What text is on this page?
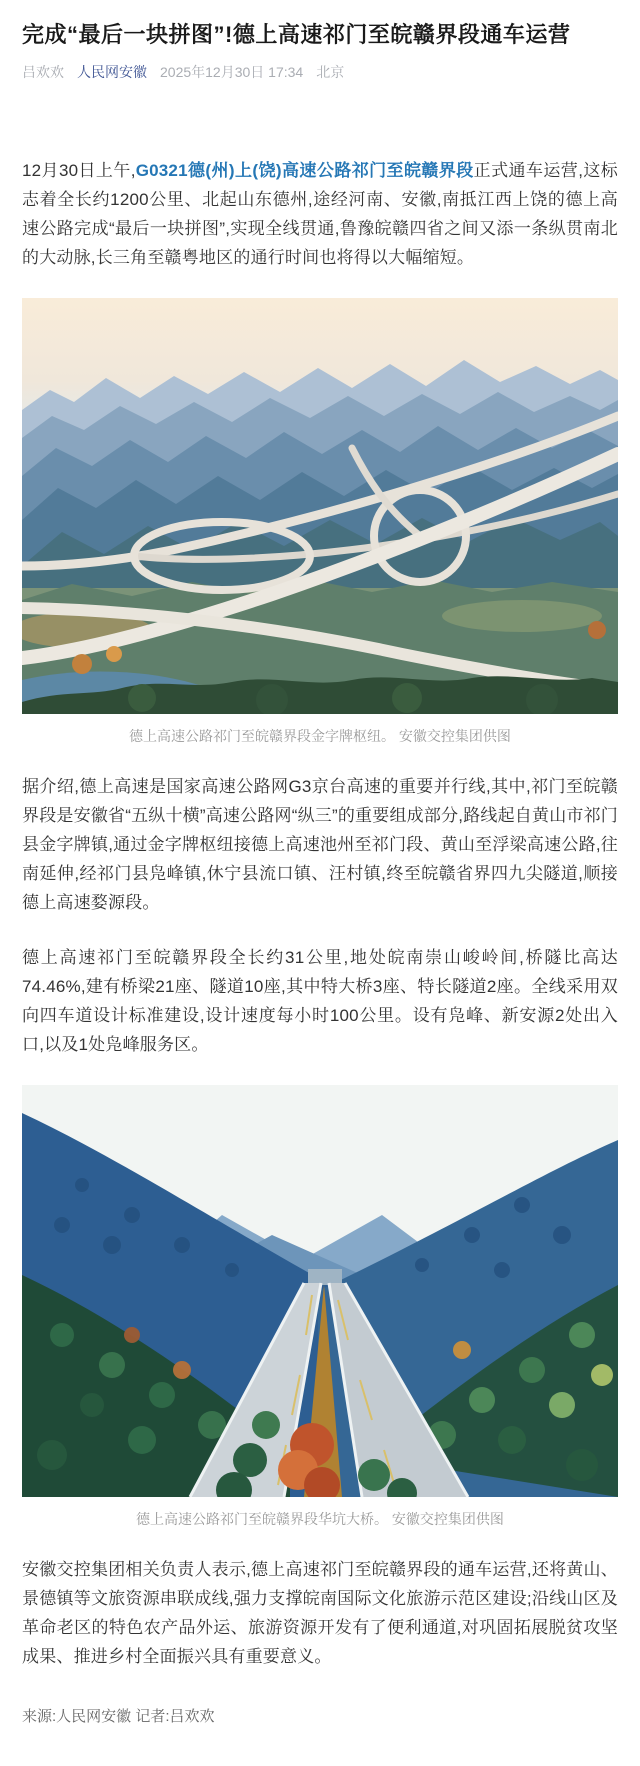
完成“最后一块拼图”!德上高速祁门至皖赣界段通车运营
吕欢欢 人民网安徽 2025年12月30日 17:34 北京

12月30日上午,G0321德(州)上(饶)高速公路祁门至皖赣界段正式通车运营,这标志着全长约1200公里、北起山东德州,途经河南、安徽,南抵江西上饶的德上高速公路完成“最后一块拼图”,实现全线贯通,鲁豫皖赣四省之间又添一条纵贯南北的大动脉,长三角至赣粤地区的通行时间也将得以大幅缩短。

德上高速公路祁门至皖赣界段金字牌枢纽。 安徽交控集团供图

据介绍,德上高速是国家高速公路网G3京台高速的重要并行线,其中,祁门至皖赣界段是安徽省“五纵十横”高速公路网“纵三”的重要组成部分,路线起自黄山市祁门县金字牌镇,通过金字牌枢纽接德上高速池州至祁门段、黄山至浮梁高速公路,往南延伸,经祁门县凫峰镇,休宁县流口镇、汪村镇,终至皖赣省界四九尖隧道,顺接德上高速婺源段。

德上高速祁门至皖赣界段全长约31公里,地处皖南崇山峻岭间,桥隧比高达74.46%,建有桥梁21座、隧道10座,其中特大桥3座、特长隧道2座。全线采用双向四车道设计标准建设,设计速度每小时100公里。设有凫峰、新安源2处出入口,以及1处凫峰服务区。

德上高速公路祁门至皖赣界段华坑大桥。 安徽交控集团供图

安徽交控集团相关负责人表示,德上高速祁门至皖赣界段的通车运营,还将黄山、景德镇等文旅资源串联成线,强力支撑皖南国际文化旅游示范区建设;沿线山区及革命老区的特色农产品外运、旅游资源开发有了便利通道,对巩固拓展脱贫攻坚成果、推进乡村全面振兴具有重要意义。

来源:人民网安徽 记者:吕欢欢
